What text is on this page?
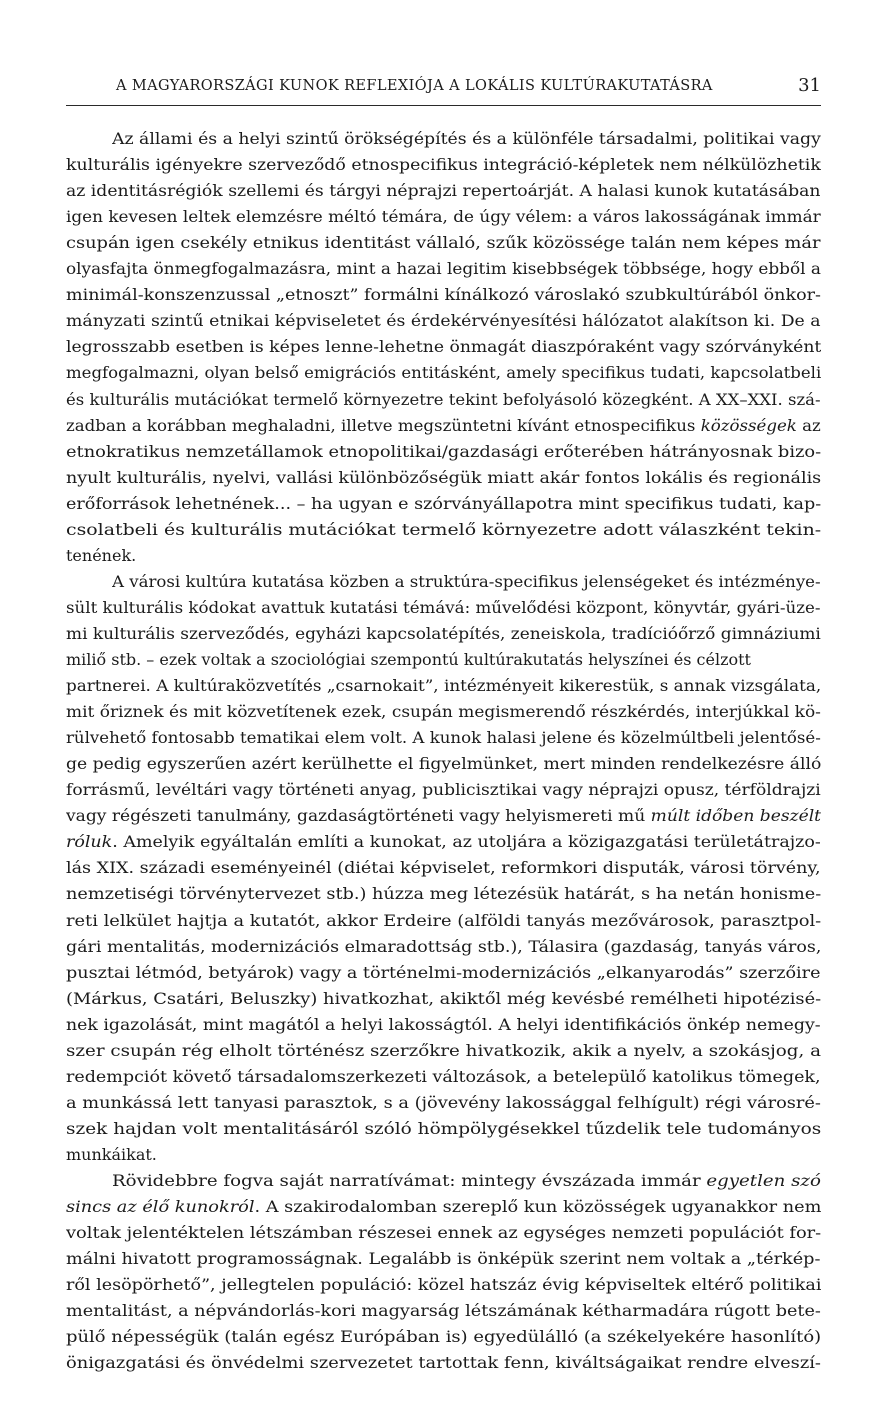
A MAGYARORSZÁGI KUNOK REFLEXIÓJA A LOKÁLIS KULTÚRAKUTATÁSRA	31
Az állami és a helyi szintű örökségépítés és a különféle társadalmi, politikai vagy
kulturális igényekre szerveződő etnospecifikus integráció-képletek nem nélkülözhetik
az identitásrégiók szellemi és tárgyi néprajzi repertoárját. A halasi kunok kutatásában
igen kevesen leltek elemzésre méltó témára, de úgy vélem: a város lakosságának immár
csupán igen csekély etnikus identitást vállaló, szűk közössége talán nem képes már
olyasfajta önmegfogalmazásra, mint a hazai legitim kisebbségek többsége, hogy ebből a
minimál-konszenzussal „etnoszt” formálni kínálkozó városlakó szubkultúrából önkor-
mányzati szintű etnikai képviseletet és érdekérvényesítési hálózatot alakítson ki. De a
legrosszabb esetben is képes lenne-lehetne önmagát diaszpóraként vagy szórványként
megfogalmazni, olyan belső emigrációs entitásként, amely specifikus tudati, kapcsolatbeli
és kulturális mutációkat termelő környezetre tekint befolyásoló közegként. A XX–XXI. szá-
zadban a korábban meghaladni, illetve megszüntetni kívánt etnospecifikus közösségek az
etnokratikus nemzetállamok etnopolitikai/gazdasági erőterében hátrányosnak bizo-
nyult kulturális, nyelvi, vallási különbözőségük miatt akár fontos lokális és regionális
erőforrások lehetnének... – ha ugyan e szórványállapotra mint specifikus tudati, kap-
csolatbeli és kulturális mutációkat termelő környezetre adott válaszként tekin-
tenének.
A városi kultúra kutatása közben a struktúra-specifikus jelenségeket és intézménye-
sült kulturális kódokat avattuk kutatási témává: művelődési központ, könyvtár, gyári-üze-
mi kulturális szerveződés, egyházi kapcsolatépítés, zeneiskola, tradícióőrző gimnáziumi
miliő stb. – ezek voltak a szociológiai szempontú kultúrakutatás helyszínei és célzott
partnerei. A kultúraközvetítés „csarnokait”, intézményeit kikerestük, s annak vizsgálata,
mit őriznek és mit közvetítenek ezek, csupán megismerendő részkérdés, interjúkkal kö-
rülvehető fontosabb tematikai elem volt. A kunok halasi jelene és közelmúltbeli jelentősé-
ge pedig egyszerűen azért kerülhette el figyelmünket, mert minden rendelkezésre álló
forrásmű, levéltári vagy történeti anyag, publicisztikai vagy néprajzi opusz, térföldrajzi
vagy régészeti tanulmány, gazdaságtörténeti vagy helyismereti mű múlt időben beszélt
róluk. Amelyik egyáltalán említi a kunokat, az utoljára a közigazgatási területátrajzo-
lás XIX. századi eseményeinél (diétai képviselet, reformkori disputák, városi törvény,
nemzetiségi törvénytervezet stb.) húzza meg létezésük határát, s ha netán honisme-
reti lelkület hajtja a kutatót, akkor Erdeire (alföldi tanyás mezővárosok, parasztpol-
gári mentalitás, modernizációs elmaradottság stb.), Tálasira (gazdaság, tanyás város,
pusztai létmód, betyárok) vagy a történelmi-modernizációs „elkanyarodás” szerzőire
(Márkus, Csatári, Beluszky) hivatkozhat, akiktől még kevésbé remélheti hipotézisé-
nek igazolását, mint magától a helyi lakosságtól. A helyi identifikációs önkép nemegy-
szer csupán rég elholt történész szerzőkre hivatkozik, akik a nyelv, a szokásjog, a
redempciót követő társadalomszerkezeti változások, a betelepülő katolikus tömegek,
a munkássá lett tanyasi parasztok, s a (jövevény lakossággal felhígult) régi városré-
szek hajdan volt mentalitásáról szóló hömpölygésekkel tűzdelik tele tudományos
munkáikat.
Rövidebbre fogva saját narratívámat: mintegy évszázada immár egyetlen szó
sincs az élő kunokról. A szakirodalomban szereplő kun közösségek ugyanakkor nem
voltak jelentéktelen létszámban részesei ennek az egységes nemzeti populációt for-
málni hivatott programosságnak. Legalább is önképük szerint nem voltak a „térkép-
ről lesöpörhető”, jellegtelen populáció: közel hatszáz évig képviseltek eltérő politikai
mentalitást, a népvándorlás-kori magyarság létszámának kétharmadára rúgott bete-
pülő népességük (talán egész Európában is) egyedülálló (a székelyekére hasonlító)
önigazgatási és önvédelmi szervezetet tartottak fenn, kiváltságaikat rendre elveszí-
